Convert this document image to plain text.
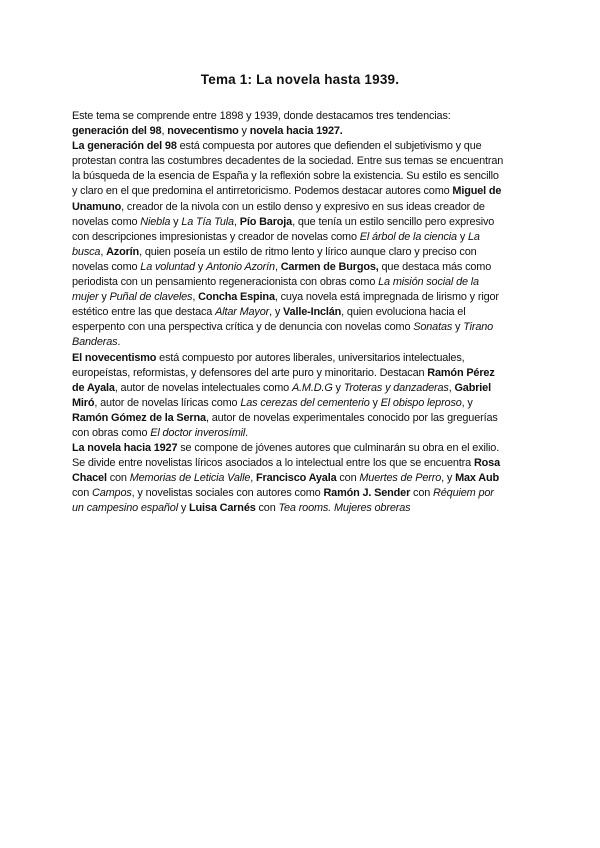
Tema 1: La novela hasta 1939.

Este tema se comprende entre 1898 y 1939, donde destacamos tres tendencias:
generación del 98, novecentismo y novela hacia 1927.

La generación del 98 está compuesta por autores que defienden el subjetivismo y que
protestan contra las costumbres decadentes de la sociedad. Entre sus temas se encuentran
la búsqueda de la esencia de España y la reflexión sobre la existencia. Su estilo es sencillo
y claro en el que predomina el antirretoricismo. Podemos destacar autores como Miguel de
Unamuno, creador de la nivola con un estilo denso y expresivo en sus ideas creador de
novelas como Niebla y La Tía Tula, Pío Baroja, que tenía un estilo sencillo pero expresivo
con descripciones impresionistas y creador de novelas como El árbol de la ciencia y La
busca, Azorín, quien poseía un estilo de ritmo lento y lírico aunque claro y preciso con
novelas como La voluntad y Antonio Azorín, Carmen de Burgos, que destaca más como
periodista con un pensamiento regeneracionista con obras como La misión social de la
mujer y Puñal de claveles, Concha Espina, cuya novela está impregnada de lirismo y rigor
estético entre las que destaca Altar Mayor, y Valle-Inclán, quien evoluciona hacia el
esperpento con una perspectiva crítica y de denuncia con novelas como Sonatas y Tirano
Banderas.

El novecentismo está compuesto por autores liberales, universitarios intelectuales,
europeístas, reformistas, y defensores del arte puro y minoritario. Destacan Ramón Pérez
de Ayala, autor de novelas intelectuales como A.M.D.G y Troteras y danzaderas, Gabriel
Miró, autor de novelas líricas como Las cerezas del cementerio y El obispo leproso, y
Ramón Gómez de la Serna, autor de novelas experimentales conocido por las greguerías
con obras como El doctor inverosímil.

La novela hacia 1927 se compone de jóvenes autores que culminarán su obra en el exilio.
Se divide entre novelistas líricos asociados a lo intelectual entre los que se encuentra Rosa
Chacel con Memorias de Leticia Valle, Francisco Ayala con Muertes de Perro, y Max Aub
con Campos, y novelistas sociales con autores como Ramón J. Sender con Réquiem por
un campesino español y Luisa Carnés con Tea rooms. Mujeres obreras
